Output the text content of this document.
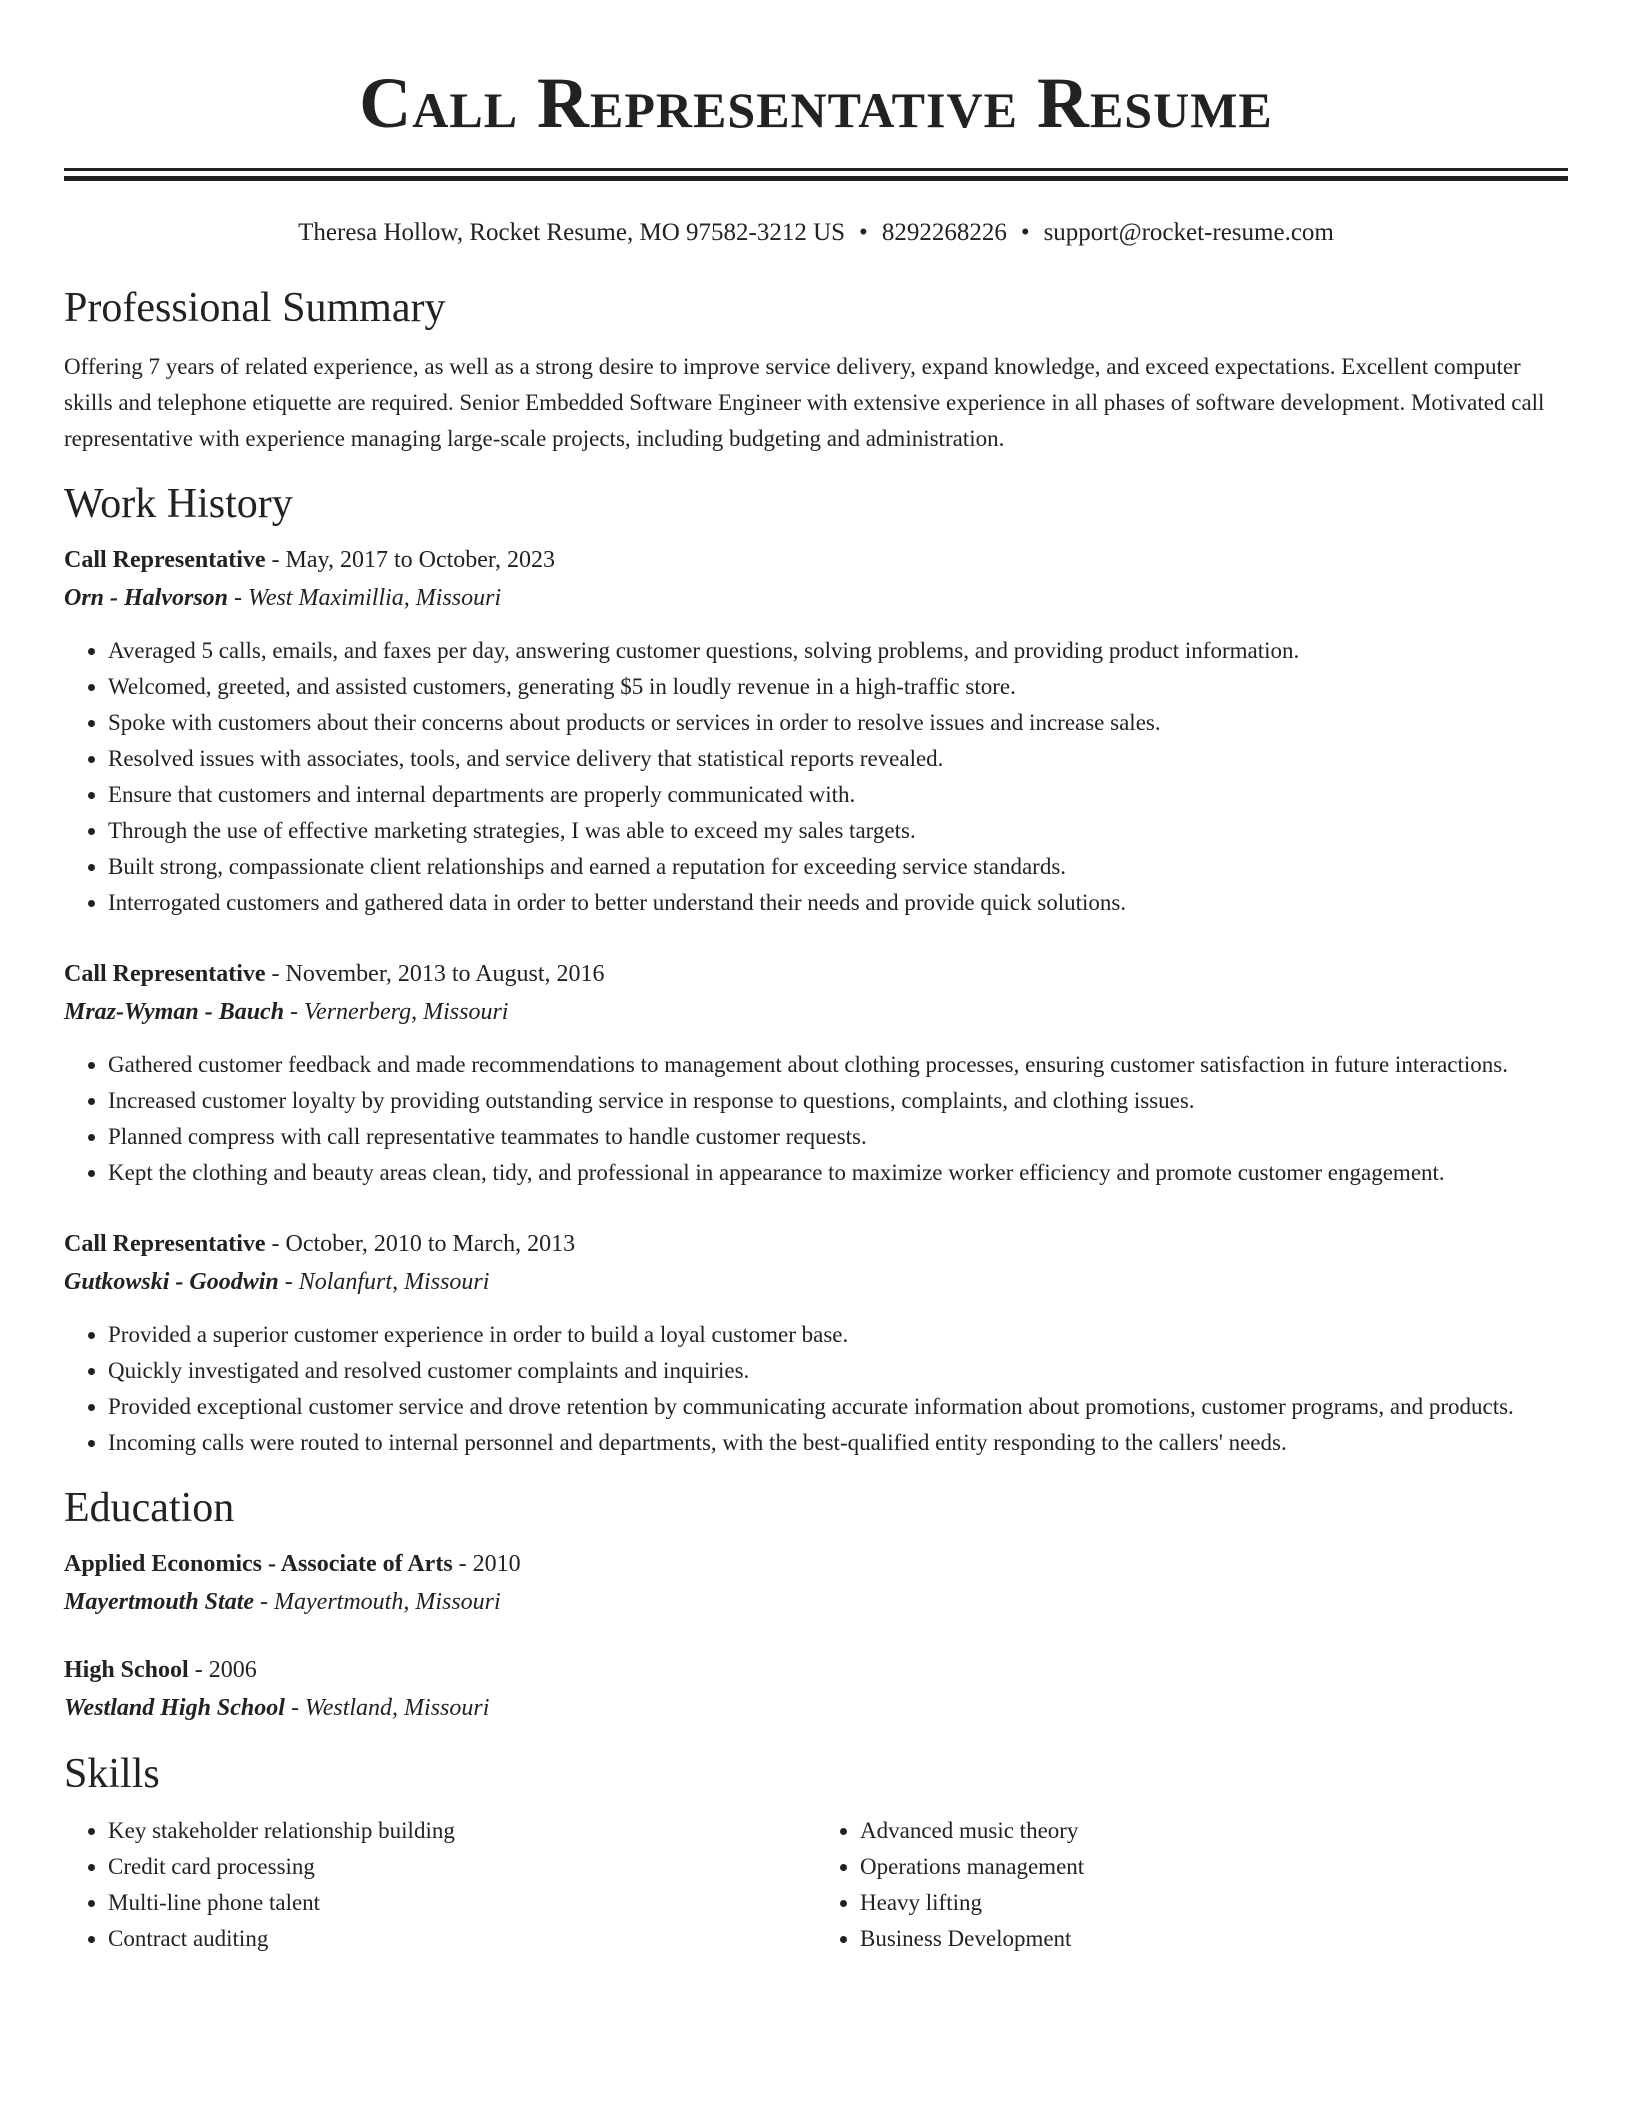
Call Representative Resume
Theresa Hollow, Rocket Resume, MO 97582-3212 US • 8292268226 • support@rocket-resume.com
Professional Summary

Offering 7 years of related experience, as well as a strong desire to improve service delivery, expand knowledge, and exceed expectations. Excellent computer skills and telephone etiquette are required. Senior Embedded Software Engineer with extensive experience in all phases of software development. Motivated call representative with experience managing large-scale projects, including budgeting and administration.

Work History

Call Representative - May, 2017 to October, 2023

Orn - Halvorson - West Maximillia, Missouri

• Averaged 5 calls, emails, and faxes per day, answering customer questions, solving problems, and providing product information.
• Welcomed, greeted, and assisted customers, generating $5 in loudly revenue in a high-traffic store.
• Spoke with customers about their concerns about products or services in order to resolve issues and increase sales.
• Resolved issues with associates, tools, and service delivery that statistical reports revealed.
• Ensure that customers and internal departments are properly communicated with.
• Through the use of effective marketing strategies, I was able to exceed my sales targets.
• Built strong, compassionate client relationships and earned a reputation for exceeding service standards.
• Interrogated customers and gathered data in order to better understand their needs and provide quick solutions.

Call Representative - November, 2013 to August, 2016

Mraz-Wyman - Bauch - Vernerberg, Missouri

• Gathered customer feedback and made recommendations to management about clothing processes, ensuring customer satisfaction in future interactions.
• Increased customer loyalty by providing outstanding service in response to questions, complaints, and clothing issues.
• Planned compress with call representative teammates to handle customer requests.
• Kept the clothing and beauty areas clean, tidy, and professional in appearance to maximize worker efficiency and promote customer engagement.

Call Representative - October, 2010 to March, 2013

Gutkowski - Goodwin - Nolanfurt, Missouri

• Provided a superior customer experience in order to build a loyal customer base.
• Quickly investigated and resolved customer complaints and inquiries.
• Provided exceptional customer service and drove retention by communicating accurate information about promotions, customer programs, and products.
• Incoming calls were routed to internal personnel and departments, with the best-qualified entity responding to the callers' needs.
Education

Applied Economics - Associate of Arts - 2010

Mayertmouth State - Mayertmouth, Missouri

High School - 2006

Westland High School - Westland, Missouri

Skills
• Key stakeholder relationship building
• Credit card processing
• Multi-line phone talent
• Contract auditing
• Advanced music theory
• Operations management
• Heavy lifting
• Business Development
